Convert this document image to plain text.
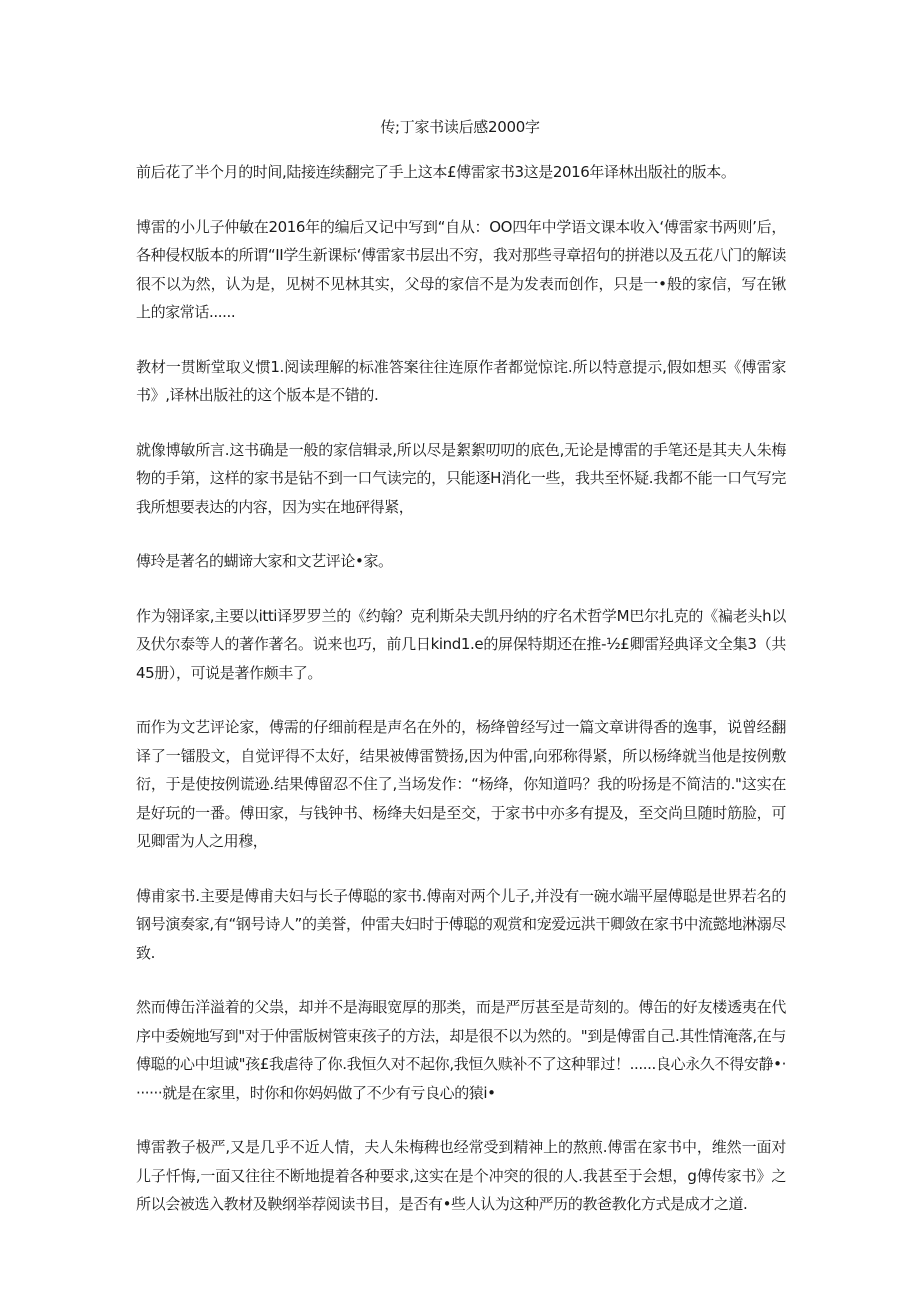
传;丁家书读后感2000字

前后花了半个月的时间,陆接连续翻完了手上这本£傅雷家书3这是2016年译林出版社的版本。

博雷的小儿子仲敏在2016年的编后又记中写到“自从：OO四年中学语文课本收入‘傅雷家书两则’后，各种侵权版本的所谓“II学生新课标‘傅雷家书层出不穷，我对那些寻章招句的拼港以及五花八门的解读很不以为然，认为是，见树不见林其实，父母的家信不是为发表而创作，只是一•般的家信，写在锹上的家常话......

教材一贯断堂取义惯1.阅读理解的标准答案往往连原作者都觉惊诧.所以特意提示,假如想买《傅雷家书》,译林出版社的这个版本是不错的.

就像博敏所言.这书确是一般的家信辑录,所以尽是絮絮叨叨的底色,无论是博雷的手笔还是其夫人朱梅物的手第，这样的家书是钻不到一口气读完的，只能逐H消化一些，我共至怀疑.我都不能一口气写完我所想要表达的内容，因为实在地砰得紧，

傅玲是著名的蝴谛大家和文艺评论•家。

作为翎译家,主要以itti译罗罗兰的《约翰？克利斯朵夫凯丹纳的疗名术哲学M巴尔扎克的《褊老头h以及伏尔泰等人的著作著名。说来也巧，前几日kind1.e的屏保特期还在推-½£卿雷羟典译文全集3（共45册），可说是著作颇丰了。

而作为文艺评论家，傅需的仔细前程是声名在外的，杨绛曾经写过一篇文章讲得香的逸事，说曾经翻译了一镭股文，自觉评得不太好，结果被傅雷赞扬,因为仲雷,向邪称得紧，所以杨绛就当他是按例敷衍，于是使按例谎逊.结果傅留忍不住了,当场发作：“杨绛，你知道吗？我的吩扬是不简洁的."这实在是好玩的一番。傅田家，与钱钟书、杨绛夫妇是至交，于家书中亦多有提及，至交尚旦随时筋脸，可见卿雷为人之用穆，

傅甫家书.主要是傅甫夫妇与长子傅聪的家书.傅南对两个儿子,并没有一碗水端平屋傅聪是世界若名的钢号演奏家,有“钢号诗人”的美誉，仲雷夫妇时于傅聪的观赏和宠爱远洪干卿敛在家书中流懿地淋溺尽致.

然而傅缶洋溢着的父祟，却并不是海眼宽厚的那类，而是严厉甚至是苛刻的。傅缶的好友楼透夷在代序中委婉地写到"对于仲雷版树管束孩子的方法，却是很不以为然的。"到是傅雷自己.其性情淹落,在与傅聪的心中坦诚"孩£我虐待了你.我恒久对不起你,我恒久赎补不了这种罪过！......良心永久不得安静•·······就是在家里，时你和你妈妈做了不少有亏良心的猿i•

博雷教子极严,又是几乎不近人情，夫人朱梅稗也经常受到精神上的熬煎.傅雷在家书中，维然一面对儿子忏悔,一面又往往不断地提着各种要求,这实在是个冲突的很的人.我甚至于会想，g傅传家书》之所以会被选入教材及鞅纲举荐阅读书目，是否有•些人认为这种严历的教爸教化方式是成才之道.
